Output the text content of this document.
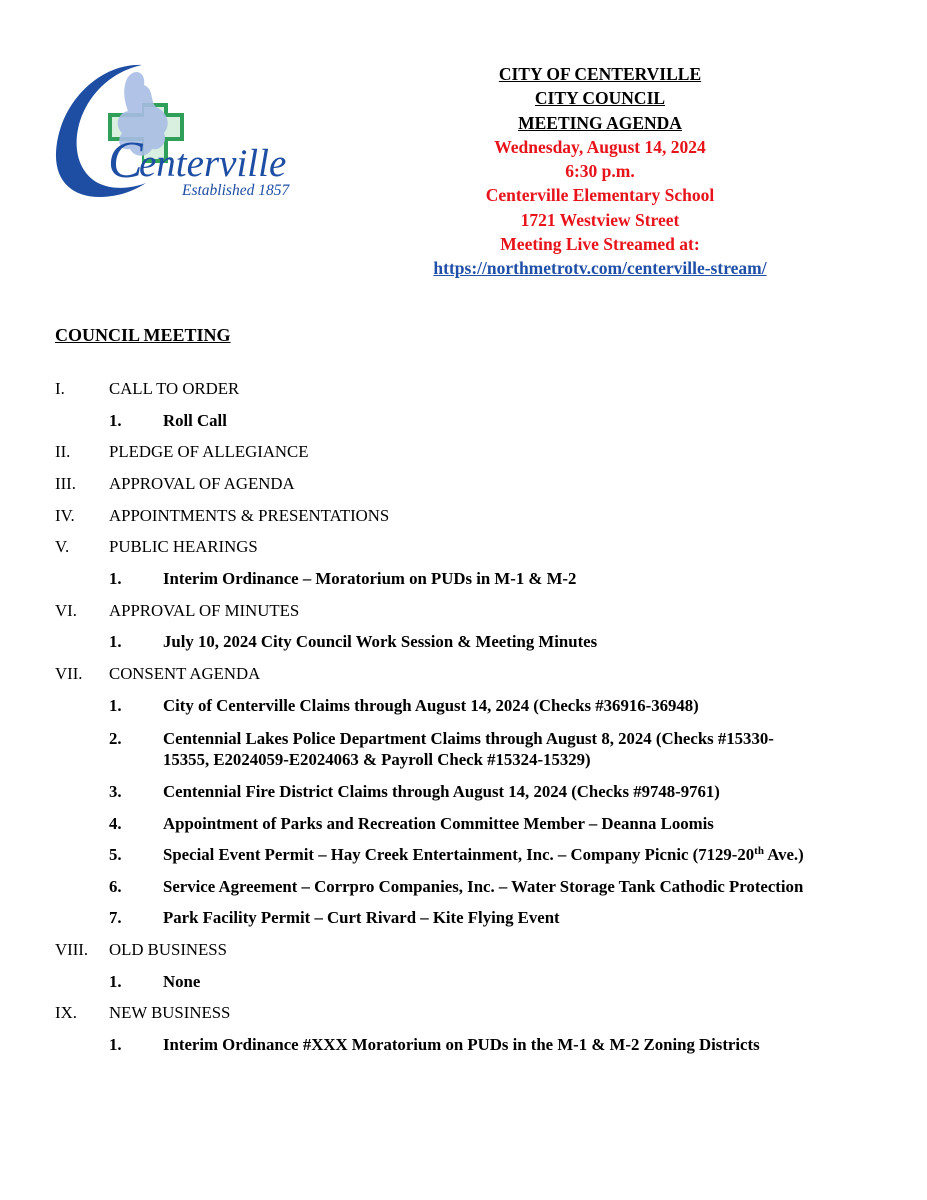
C
enterville
Established 1857
CITY OF CENTERVILLE
CITY COUNCIL
MEETING AGENDA
Wednesday, August 14, 2024
6:30 p.m.
Centerville Elementary School
1721 Westview Street
Meeting Live Streamed at:
https://northmetrotv.com/centerville-stream/
COUNCIL MEETING
I.	CALL TO ORDER
1. Roll Call
II. PLEDGE OF ALLEGIANCE
III. APPROVAL OF AGENDA
IV. APPOINTMENTS & PRESENTATIONS
V. PUBLIC HEARINGS
1. Interim Ordinance – Moratorium on PUDs in M-1 & M-2
VI. APPROVAL OF MINUTES
1. July 10, 2024 City Council Work Session & Meeting Minutes
VII. CONSENT AGENDA
1. City of Centerville Claims through August 14, 2024 (Checks #36916-36948)
2. Centennial Lakes Police Department Claims through August 8, 2024 (Checks #15330-
15355, E2024059-E2024063 & Payroll Check #15324-15329)
3. Centennial Fire District Claims through August 14, 2024 (Checks #9748-9761)
4. Appointment of Parks and Recreation Committee Member – Deanna Loomis
5. Special Event Permit – Hay Creek Entertainment, Inc. – Company Picnic (7129-20th Ave.)
6. Service Agreement – Corrpro Companies, Inc. – Water Storage Tank Cathodic Protection
7. Park Facility Permit – Curt Rivard – Kite Flying Event
VIII. OLD BUSINESS
1. None
IX. NEW BUSINESS
1. Interim Ordinance #XXX Moratorium on PUDs in the M-1 & M-2 Zoning Districts
